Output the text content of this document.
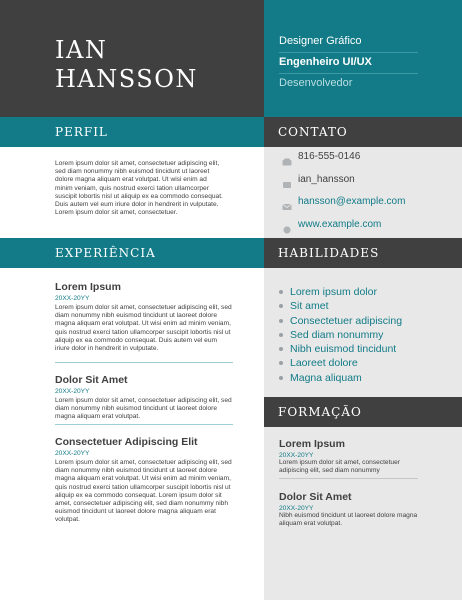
IAN
HANSSON
Designer Gráfico
Engenheiro UI/UX
Desenvolvedor
PERFIL	CONTATO
EXPERIÊNCIA	HABILIDADES
FORMAÇÃO
Lorem ipsum dolor sit amet, consectetuer adipiscing elit, sed diam nonummy nibh euismod tincidunt ut laoreet dolore magna aliquam erat volutpat. Ut wisi enim ad minim veniam, quis nostrud exerci tation ullamcorper suscipit lobortis nisl ut aliquip ex ea commodo consequat. Duis autem vel eum iriure dolor in hendrerit in vulputate. Lorem ipsum dolor sit amet, consectetuer.
816-555-0146
ian_hansson
hansson@example.com
www.example.com
Lorem Ipsum
20XX-20YY
Lorem ipsum dolor sit amet, consectetuer adipiscing elit, sed diam nonummy nibh euismod tincidunt ut laoreet dolore magna aliquam erat volutpat. Ut wisi enim ad minim veniam, quis nostrud exerci tation ullamcorper suscipit lobortis nisl ut aliquip ex ea commodo consequat. Duis autem vel eum iriure dolor in hendrerit in vulputate.
Dolor Sit Amet
20XX-20YY
Lorem ipsum dolor sit amet, consectetuer adipiscing elit, sed diam nonummy nibh euismod tincidunt ut laoreet dolore magna aliquam erat volutpat.
Consectetuer Adipiscing Elit
20XX-20YY
Lorem ipsum dolor sit amet, consectetuer adipiscing elit, sed diam nonummy nibh euismod tincidunt ut laoreet dolore magna aliquam erat volutpat. Ut wisi enim ad minim veniam, quis nostrud exerci tation ullamcorper suscipit lobortis nisl ut aliquip ex ea commodo consequat. Lorem ipsum dolor sit amet, consectetuer adipiscing elit, sed diam nonummy nibh euismod tincidunt ut laoreet dolore magna aliquam erat volutpat.
Lorem ipsum dolor
Sit amet
Consectetuer adipiscing
Sed diam nonummy
Nibh euismod tincidunt
Laoreet dolore
Magna aliquam
Lorem Ipsum
20XX-20YY
Lorem ipsum dolor sit amet, consectetuer adipiscing elit, sed diam nonummy
Dolor Sit Amet
20XX-20YY
Nibh euismod tincidunt ut laoreet dolore magna aliquam erat volutpat.
